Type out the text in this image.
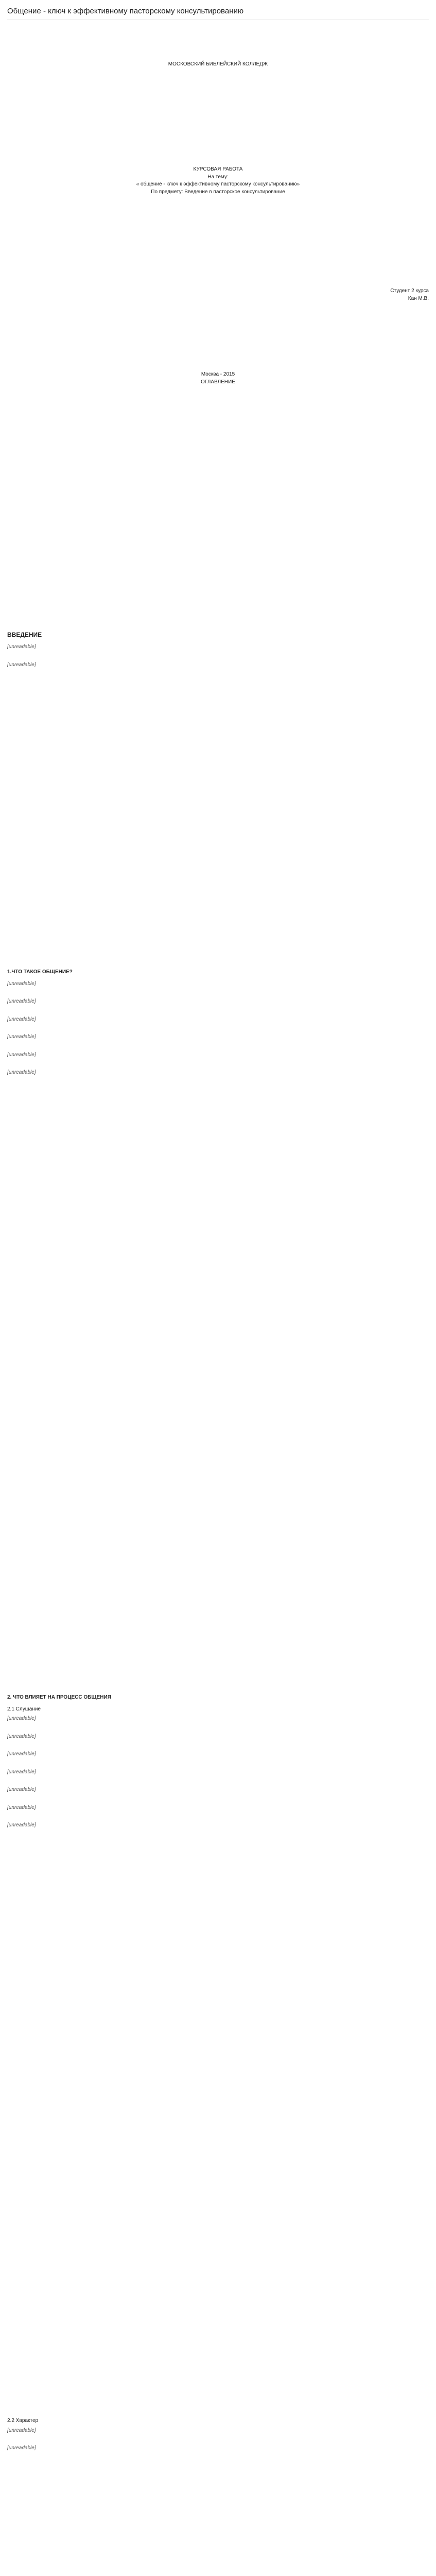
Общение - ключ к эффективному пасторскому консультированию
МОСКОВСКИЙ БИБЛЕЙСКИЙ КОЛЛЕДЖ
КУРСОВАЯ РАБОТА
На тему:
« общение - ключ к эффективному пасторскому консультированию»
По предмету: Введение в пасторское консультирование
Студент 2 курса
Кан М.В.
Москва - 2015
ОГЛАВЛЕНИЕ
ВВЕДЕНИЕ

[unreadable]

[unreadable]

1.ЧТО ТАКОЕ ОБЩЕНИЕ?

[unreadable]

[unreadable]

[unreadable]

[unreadable]

[unreadable]

[unreadable]

2. ЧТО ВЛИЯЕТ НА ПРОЦЕСС ОБЩЕНИЯ
2.1 Слушание

[unreadable]

[unreadable]

[unreadable]

[unreadable]

[unreadable]

[unreadable]

[unreadable]

2.2 Характер

[unreadable]

[unreadable]
